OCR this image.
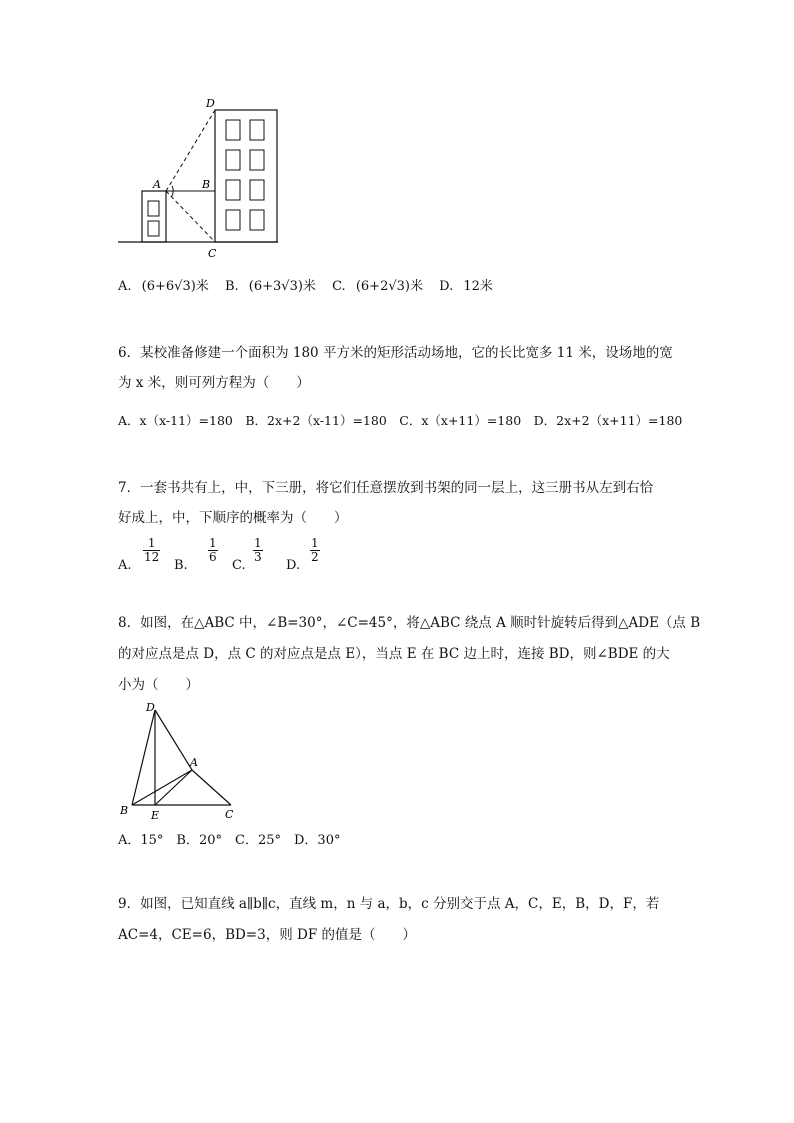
D
A	B
C
A. (6+6√3)米 B. (6+3√3)米 C. (6+2√3)米 D. 12米
6．某校准备修建一个面积为 180 平方米的矩形活动场地，它的长比宽多 11 米，设场地的宽
为 x 米，则可列方程为（　　）
A．x（x-11）=180　B．2x+2（x-11）=180　C．x（x+11）=180　D．2x+2（x+11）=180
7．一套书共有上，中，下三册，将它们任意摆放到书架的同一层上，这三册书从左到右恰
好成上，中，下顺序的概率为（　　）
A.
$\frac{1}{12}$
B.
$\frac{1}{6}$
C.
$\frac{1}{3}$
D.
$\frac{1}{2}$
8．如图，在△ABC 中，∠B=30°，∠C=45°，将△ABC 绕点 A 顺时针旋转后得到△ADE（点 B
的对应点是点 D，点 C 的对应点是点 E），当点 E 在 BC 边上时，连接 BD，则∠BDE 的大
小为（　　）
D
A
B E	C
A．15°　B．20°　C．25°　D．30°
9．如图，已知直线 a∥b∥c，直线 m，n 与 a，b，c 分别交于点 A，C，E，B，D，F，若
AC=4，CE=6，BD=3，则 DF 的值是（　　）
